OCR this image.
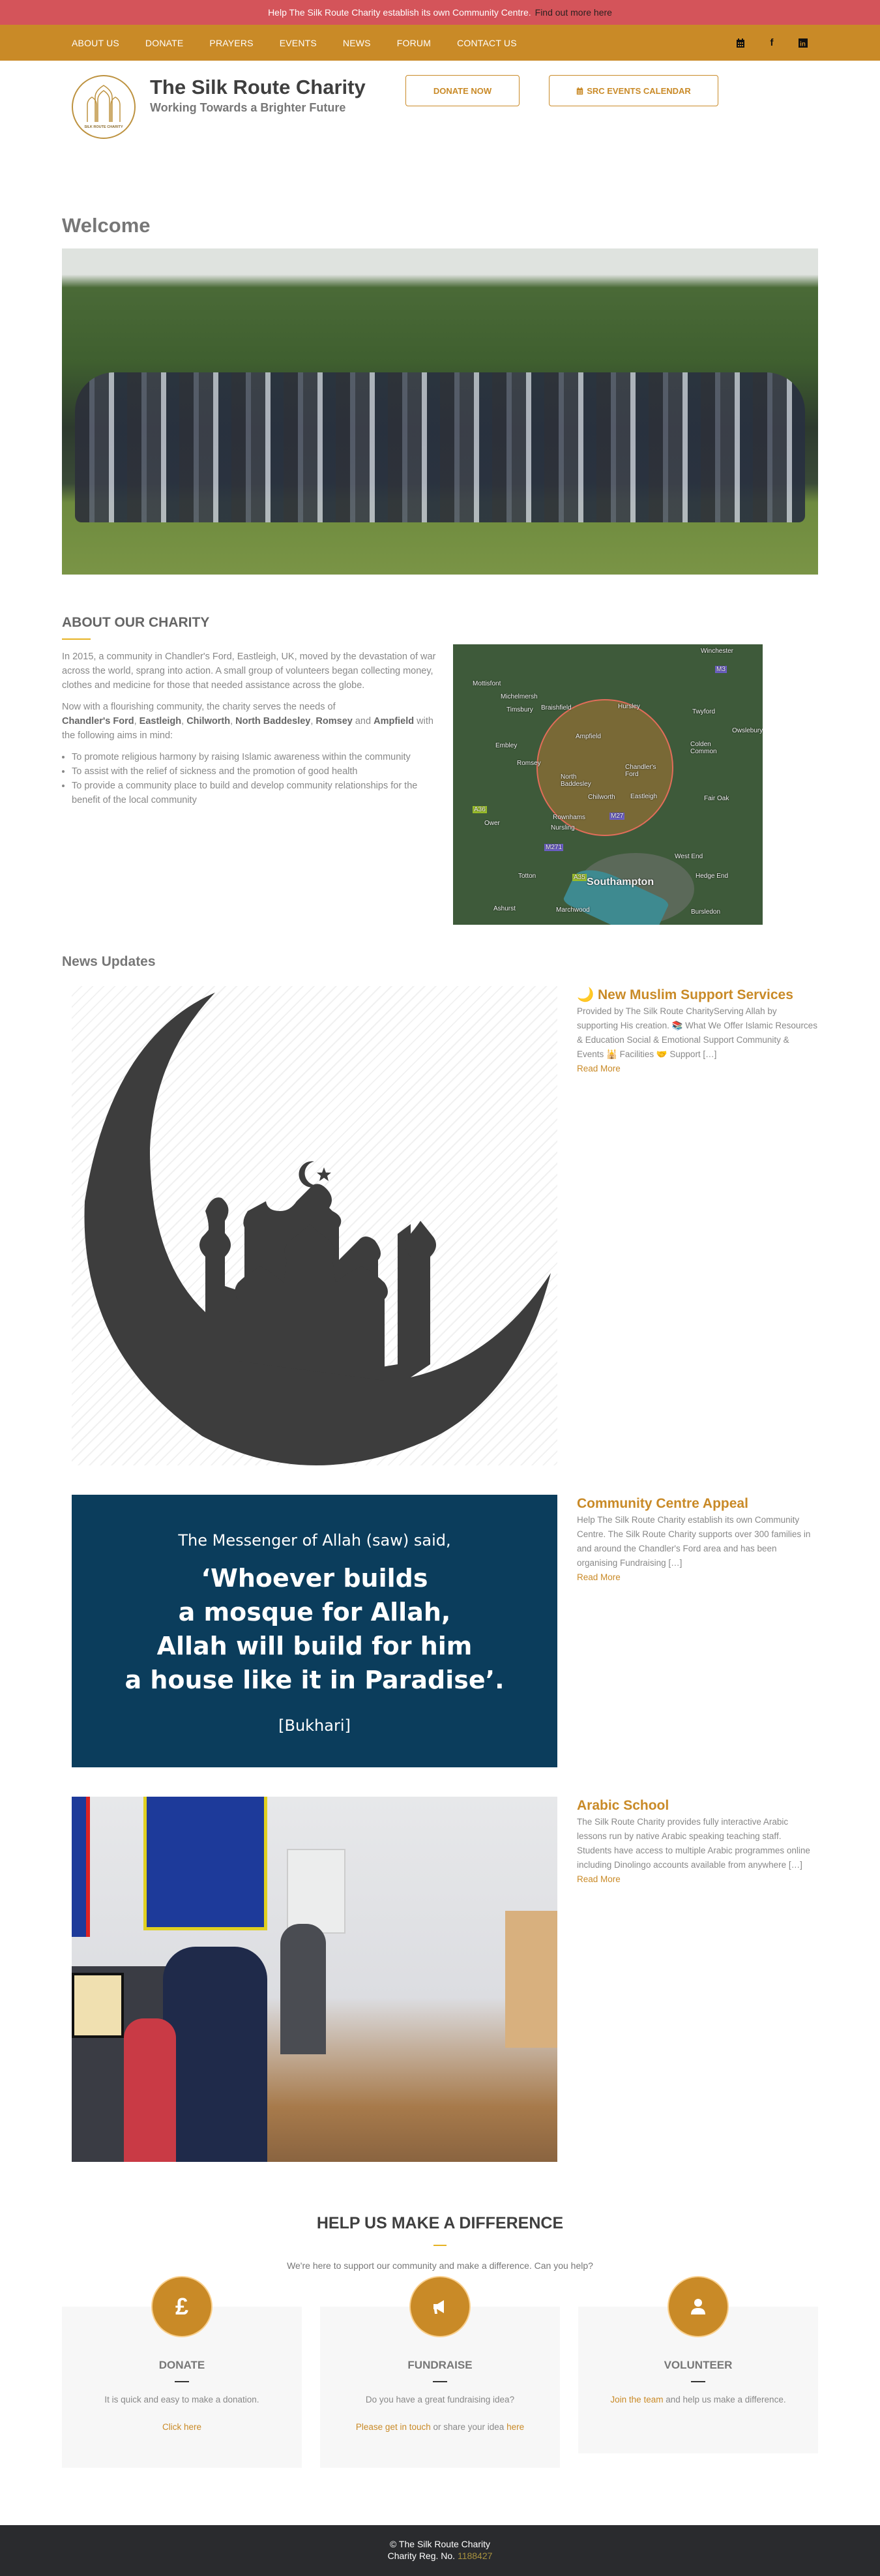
Help The Silk Route Charity establish its own Community Centre. Find out more here
ABOUT US	DONATE	PRAYERS	EVENTS	NEWS	FORUM	CONTACT US	f	in
SILK ROUTE CHARITY
The Silk Route Charity
Working Towards a Brighter Future
DONATE NOW	SRC EVENTS CALENDAR
Welcome
ABOUT OUR CHARITY

In 2015, a community in Chandler's Ford, Eastleigh, UK, moved by the devastation of war across the world, sprang into action. A small group of volunteers began collecting money, clothes and medicine for those that needed assistance across the globe.

Now with a flourishing community, the charity serves the needs of
Chandler's Ford, Eastleigh, Chilworth, North Baddesley, Romsey and Ampfield with the following aims in mind:

• To promote religious harmony by raising Islamic awareness within the community
• To assist with the relief of sickness and the promotion of good health
• To provide a community place to build and develop community relationships for the benefit of the local community
Winchester
Mottisfont
Michelmersh
Timsbury Braishfield	Hursley
Twyford
Owslebury
Embley
Ampfield
Colden Common
Romsey
Chandler's Ford
North Baddesley
Chilworth Eastleigh	Fair Oak
Ower
Rownhams
Nursling
West End
Totton
Southampton
Hedge End
Ashurst	Marchwood	Bursledon
M3
A36
M27
M271
A35
News Updates
🌙 New Muslim Support Services
Provided by The Silk Route CharityServing Allah by supporting His creation. 📚 What We Offer Islamic Resources & Education Social & Emotional Support Community & Events 🕌 Facilities 🤝 Support […]
Read More
The Messenger of Allah (saw) said,
‘Whoever builds
a mosque for Allah,
Allah will build for him
a house like it in Paradise’.
[Bukhari]
Community Centre Appeal
Help The Silk Route Charity establish its own Community Centre. The Silk Route Charity supports over 300 families in and around the Chandler's Ford area and has been organising Fundraising […]
Read More
Arabic School
The Silk Route Charity provides fully interactive Arabic lessons run by native Arabic speaking teaching staff. Students have access to multiple Arabic programmes online including Dinolingo accounts available from anywhere […]
Read More
HELP US MAKE A DIFFERENCE
We're here to support our community and make a difference. Can you help?
£
DONATE

It is quick and easy to make a donation.

Click here

FUNDRAISE

Do you have a great fundraising idea?

Please get in touch or share your idea here

VOLUNTEER

Join the team and help us make a difference.

© The Silk Route Charity
Charity Reg. No. 1188427
